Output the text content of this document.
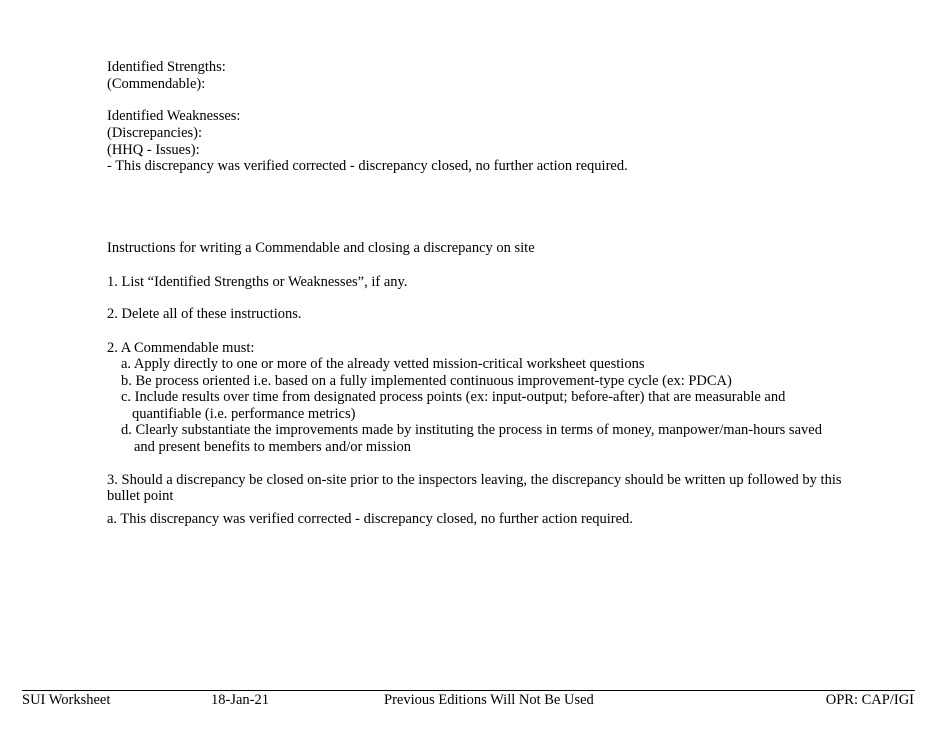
Identified Strengths:
(Commendable):
Identified Weaknesses:
(Discrepancies):
(HHQ - Issues):
- This discrepancy was verified corrected - discrepancy closed, no further action required.
Instructions for writing a Commendable and closing a discrepancy on site
1. List “Identified Strengths or Weaknesses”, if any.
2. Delete all of these instructions.
2. A Commendable must:
a. Apply directly to one or more of the already vetted mission-critical worksheet questions
b. Be process oriented i.e. based on a fully implemented continuous improvement-type cycle (ex: PDCA)
c. Include results over time from designated process points (ex: input-output; before-after) that are measurable and
quantifiable (i.e. performance metrics)
d. Clearly substantiate the improvements made by instituting the process in terms of money, manpower/man-hours saved
and present benefits to members and/or mission
3. Should a discrepancy be closed on-site prior to the inspectors leaving, the discrepancy should be written up followed by this
bullet point
a. This discrepancy was verified corrected - discrepancy closed, no further action required.
SUI Worksheet	18-Jan-21	Previous Editions Will Not Be Used	OPR: CAP/IGI
